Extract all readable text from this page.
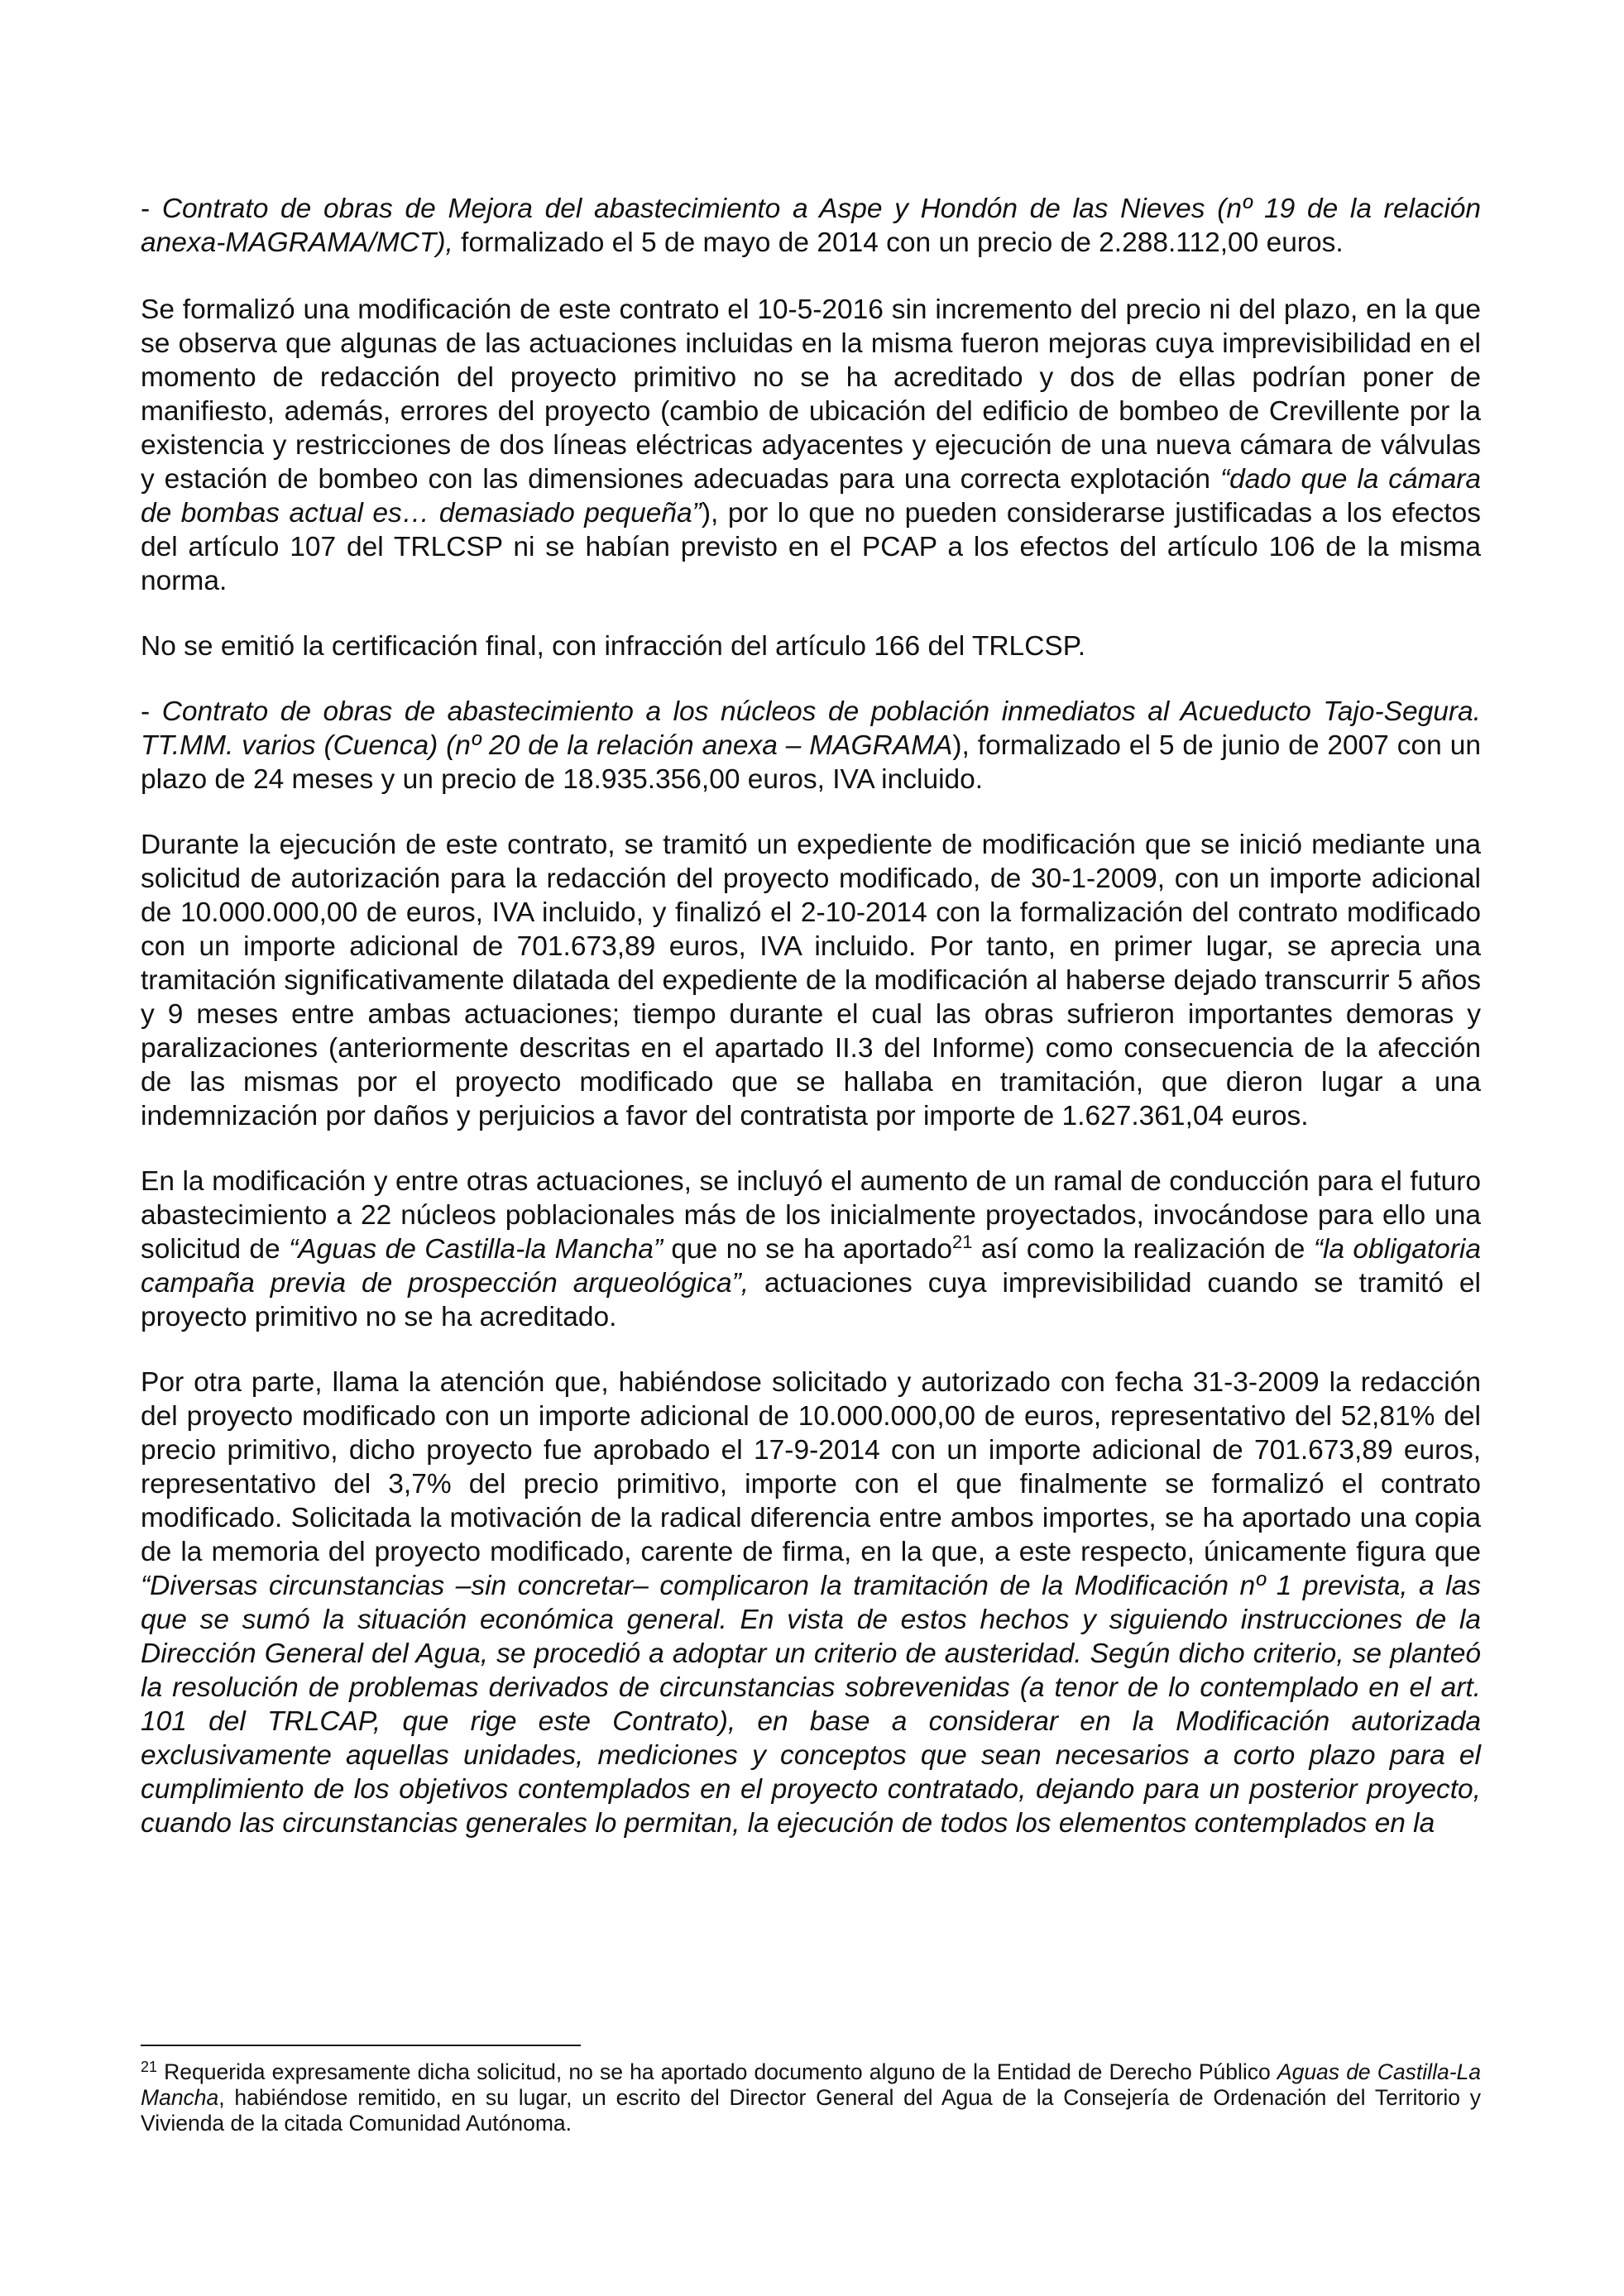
- Contrato de obras de Mejora del abastecimiento a Aspe y Hondón de las Nieves (nº 19 de la relación anexa-MAGRAMA/MCT), formalizado el 5 de mayo de 2014 con un precio de 2.288.112,00 euros.

Se formalizó una modificación de este contrato el 10-5-2016 sin incremento del precio ni del plazo, en la que se observa que algunas de las actuaciones incluidas en la misma fueron mejoras cuya imprevisibilidad en el momento de redacción del proyecto primitivo no se ha acreditado y dos de ellas podrían poner de manifiesto, además, errores del proyecto (cambio de ubicación del edificio de bombeo de Crevillente por la existencia y restricciones de dos líneas eléctricas adyacentes y ejecución de una nueva cámara de válvulas y estación de bombeo con las dimensiones adecuadas para una correcta explotación “dado que la cámara de bombas actual es… demasiado pequeña”), por lo que no pueden considerarse justificadas a los efectos del artículo 107 del TRLCSP ni se habían previsto en el PCAP a los efectos del artículo 106 de la misma norma.

No se emitió la certificación final, con infracción del artículo 166 del TRLCSP.

- Contrato de obras de abastecimiento a los núcleos de población inmediatos al Acueducto Tajo-Segura. TT.MM. varios (Cuenca) (nº 20 de la relación anexa – MAGRAMA), formalizado el 5 de junio de 2007 con un plazo de 24 meses y un precio de 18.935.356,00 euros, IVA incluido.

Durante la ejecución de este contrato, se tramitó un expediente de modificación que se inició mediante una solicitud de autorización para la redacción del proyecto modificado, de 30-1-2009, con un importe adicional de 10.000.000,00 de euros, IVA incluido, y finalizó el 2-10-2014 con la formalización del contrato modificado con un importe adicional de 701.673,89 euros, IVA incluido. Por tanto, en primer lugar, se aprecia una tramitación significativamente dilatada del expediente de la modificación al haberse dejado transcurrir 5 años y 9 meses entre ambas actuaciones; tiempo durante el cual las obras sufrieron importantes demoras y paralizaciones (anteriormente descritas en el apartado II.3 del Informe) como consecuencia de la afección de las mismas por el proyecto modificado que se hallaba en tramitación, que dieron lugar a una indemnización por daños y perjuicios a favor del contratista por importe de 1.627.361,04 euros.

En la modificación y entre otras actuaciones, se incluyó el aumento de un ramal de conducción para el futuro abastecimiento a 22 núcleos poblacionales más de los inicialmente proyectados, invocándose para ello una solicitud de “Aguas de Castilla-la Mancha” que no se ha aportado$^{21}$ así como la realización de “la obligatoria campaña previa de prospección arqueológica”, actuaciones cuya imprevisibilidad cuando se tramitó el proyecto primitivo no se ha acreditado.

Por otra parte, llama la atención que, habiéndose solicitado y autorizado con fecha 31-3-2009 la redacción del proyecto modificado con un importe adicional de 10.000.000,00 de euros, representativo del 52,81% del precio primitivo, dicho proyecto fue aprobado el 17-9-2014 con un importe adicional de 701.673,89 euros, representativo del 3,7% del precio primitivo, importe con el que finalmente se formalizó el contrato modificado. Solicitada la motivación de la radical diferencia entre ambos importes, se ha aportado una copia de la memoria del proyecto modificado, carente de firma, en la que, a este respecto, únicamente figura que “Diversas circunstancias –sin concretar– complicaron la tramitación de la Modificación nº 1 prevista, a las que se sumó la situación económica general. En vista de estos hechos y siguiendo instrucciones de la Dirección General del Agua, se procedió a adoptar un criterio de austeridad. Según dicho criterio, se planteó la resolución de problemas derivados de circunstancias sobrevenidas (a tenor de lo contemplado en el art. 101 del TRLCAP, que rige este Contrato), en base a considerar en la Modificación autorizada exclusivamente aquellas unidades, mediciones y conceptos que sean necesarios a corto plazo para el cumplimiento de los objetivos contemplados en el proyecto contratado, dejando para un posterior proyecto, cuando las circunstancias generales lo permitan, la ejecución de todos los elementos contemplados en la

$^{21}$ Requerida expresamente dicha solicitud, no se ha aportado documento alguno de la Entidad de Derecho Público Aguas de Castilla-La Mancha, habiéndose remitido, en su lugar, un escrito del Director General del Agua de la Consejería de Ordenación del Territorio y Vivienda de la citada Comunidad Autónoma.
